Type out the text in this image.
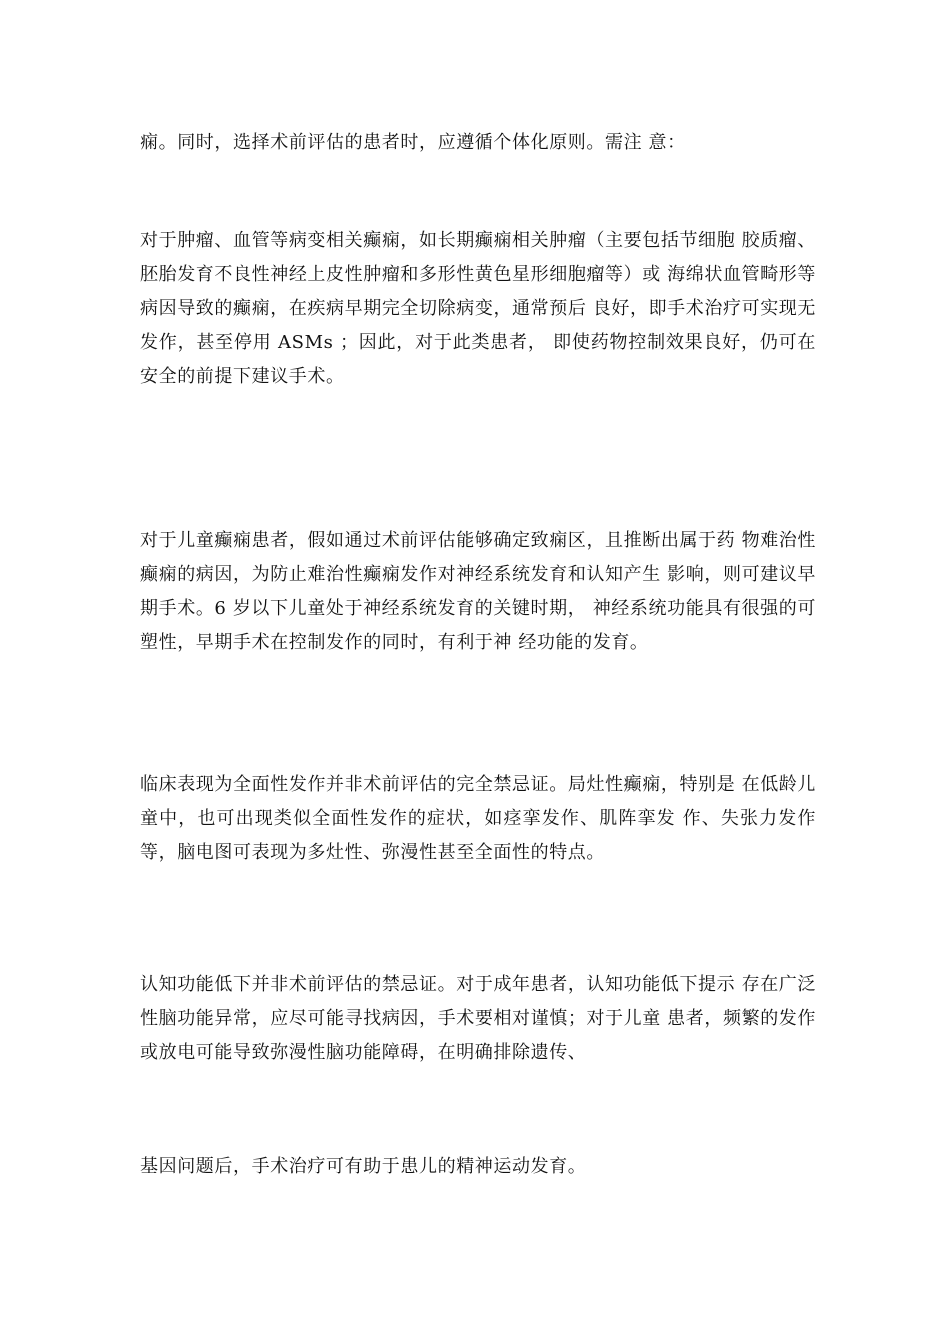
痫。同时，选择术前评估的患者时，应遵循个体化原则。需注 意：

对于肿瘤、血管等病变相关癫痫，如长期癫痫相关肿瘤（主要包括节细胞 胶质瘤、胚胎发育不良性神经上皮性肿瘤和多形性黄色星形细胞瘤等）或 海绵状血管畸形等病因导致的癫痫，在疾病早期完全切除病变，通常预后 良好，即手术治疗可实现无发作，甚至停用 ASMs ；因此，对于此类患者， 即使药物控制效果良好，仍可在安全的前提下建议手术。

对于儿童癫痫患者，假如通过术前评估能够确定致痫区，且推断出属于药 物难治性癫痫的病因，为防止难治性癫痫发作对神经系统发育和认知产生 影响，则可建议早期手术。6 岁以下儿童处于神经系统发育的关键时期， 神经系统功能具有很强的可塑性，早期手术在控制发作的同时，有利于神 经功能的发育。

临床表现为全面性发作并非术前评估的完全禁忌证。局灶性癫痫，特别是 在低龄儿童中，也可出现类似全面性发作的症状，如痉挛发作、肌阵挛发 作、失张力发作等，脑电图可表现为多灶性、弥漫性甚至全面性的特点。

认知功能低下并非术前评估的禁忌证。对于成年患者，认知功能低下提示 存在广泛性脑功能异常，应尽可能寻找病因，手术要相对谨慎；对于儿童 患者，频繁的发作或放电可能导致弥漫性脑功能障碍，在明确排除遗传、

基因问题后，手术治疗可有助于患儿的精神运动发育。
